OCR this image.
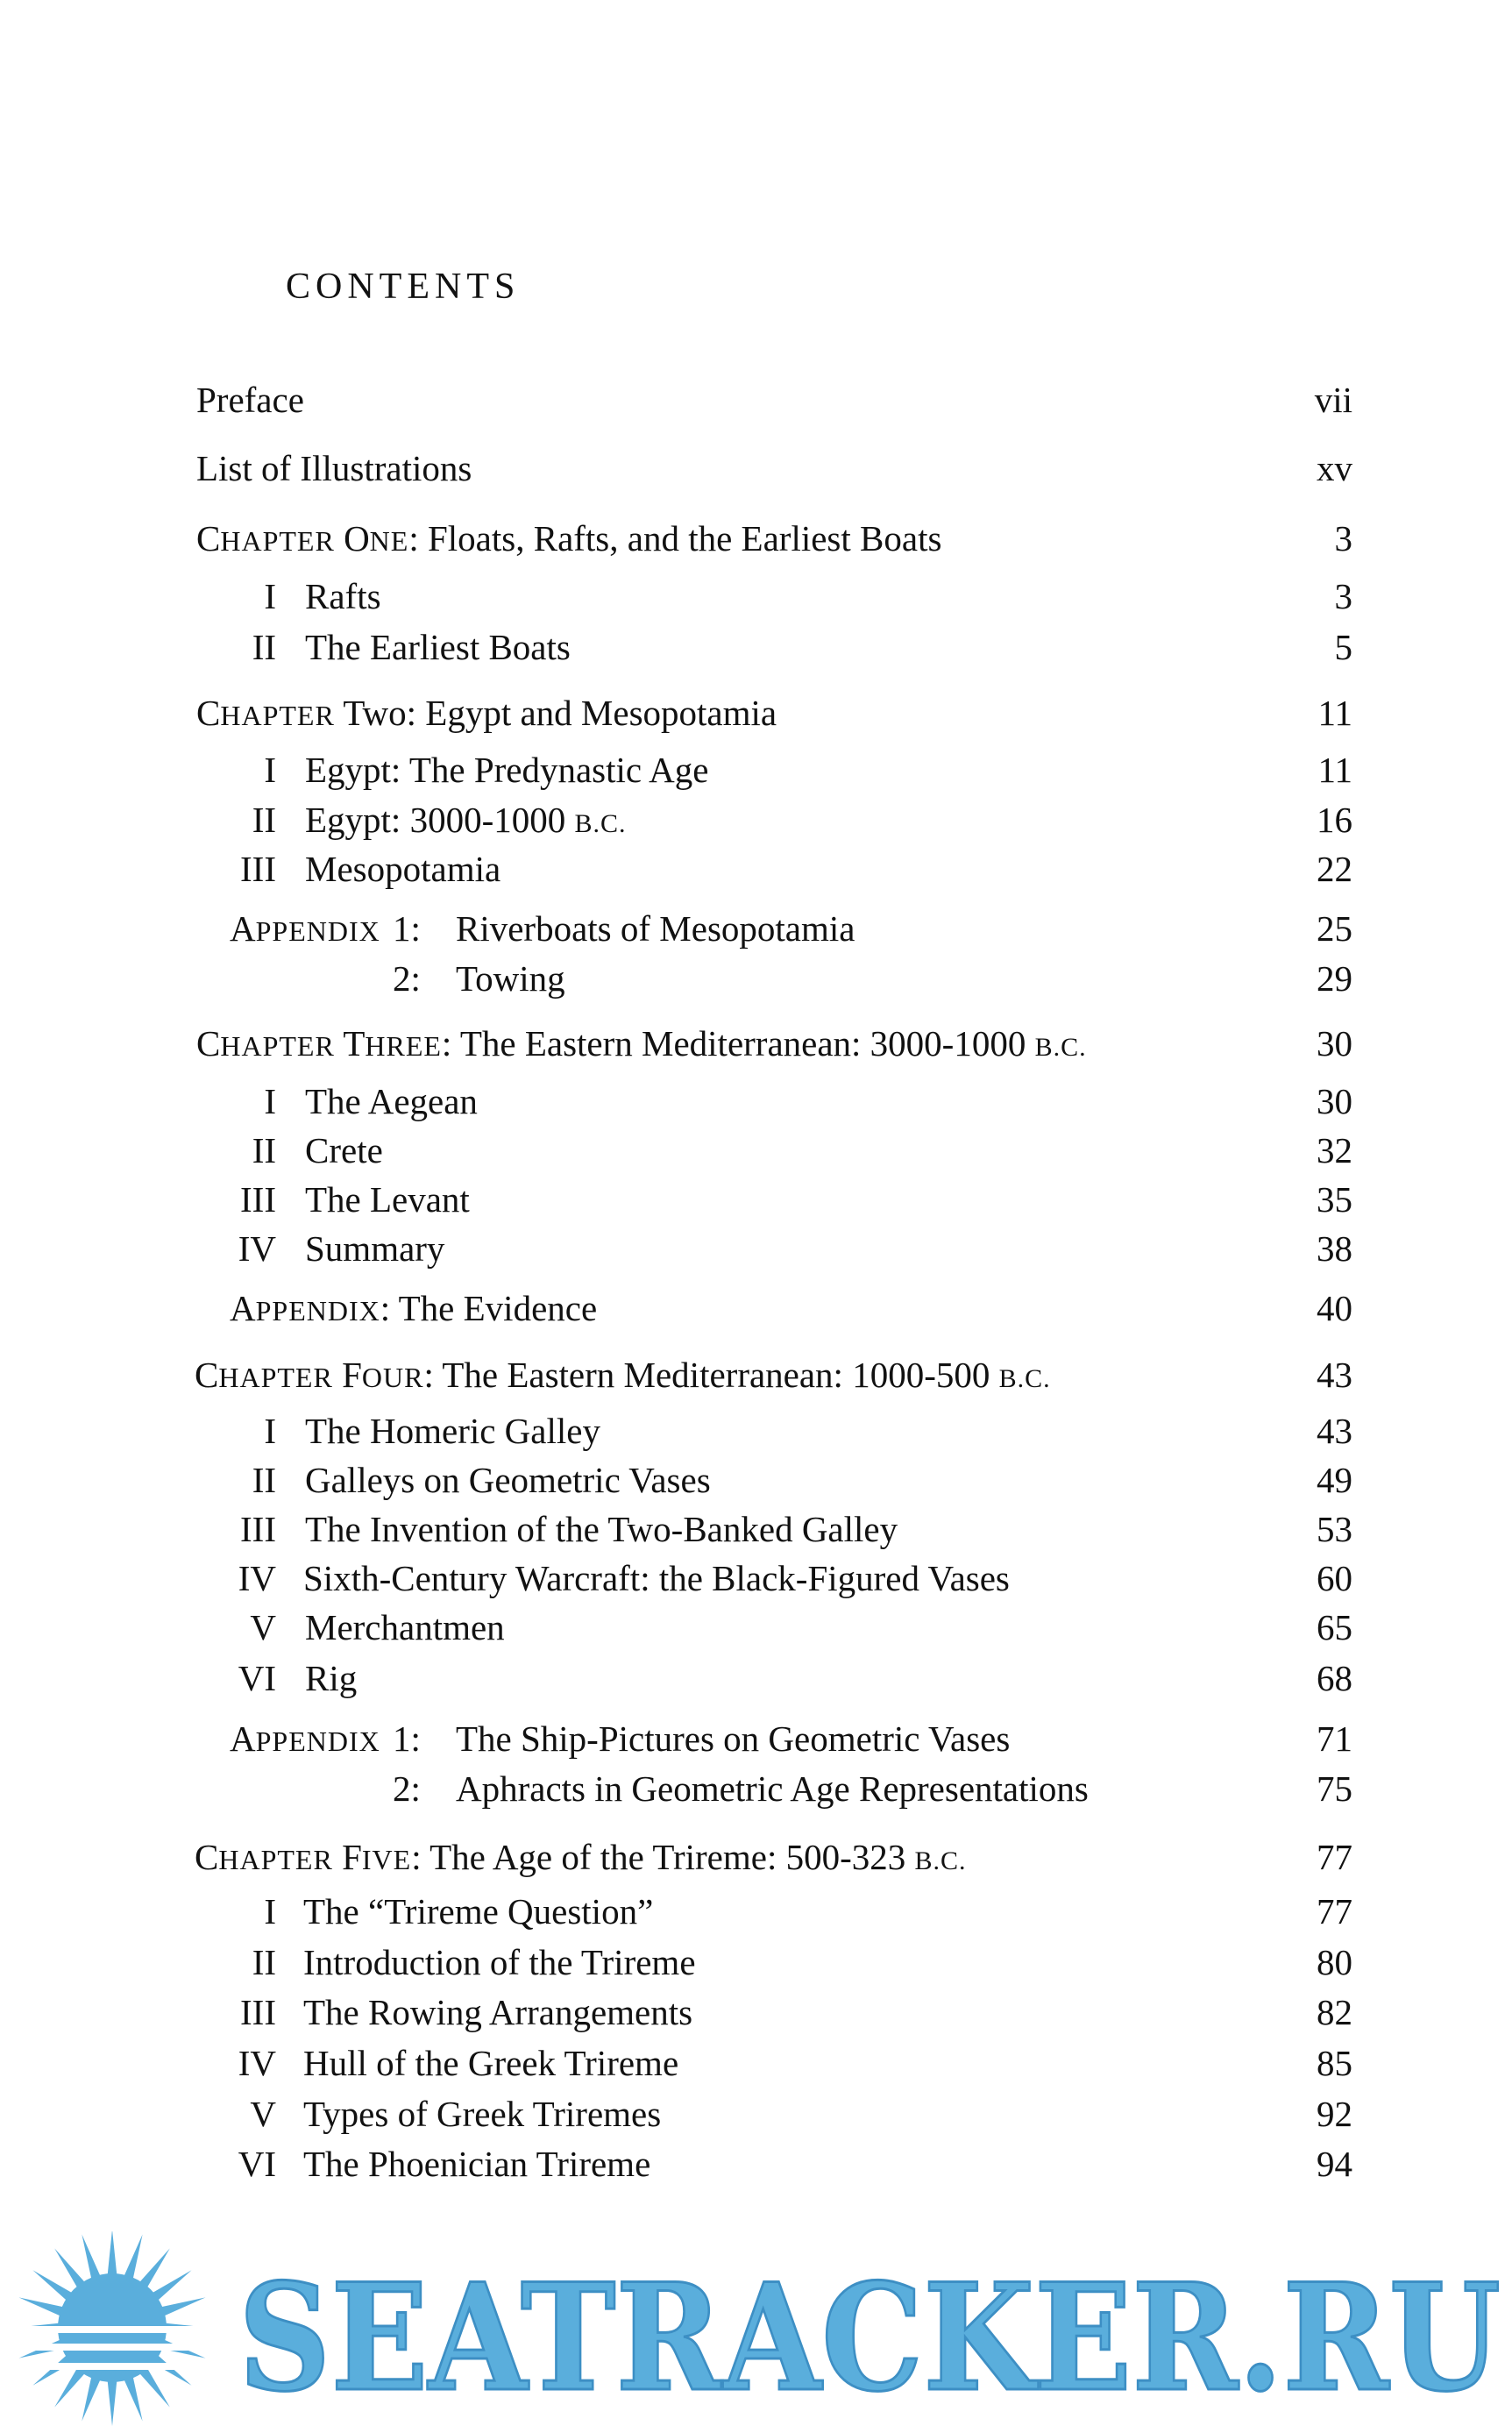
CONTENTS
Preface	vii
List of Illustrations	xv
CHAPTER ONE: Floats, Rafts, and the Earliest Boats	3
I Rafts	3
II The Earliest Boats	5
CHAPTER Two: Egypt and Mesopotamia	11
I Egypt: The Predynastic Age	11
II Egypt: 3000-1000 B.C.	16
III Mesopotamia	22
APPENDIX 1: Riverboats of Mesopotamia	25
2: Towing	29
CHAPTER THREE: The Eastern Mediterranean: 3000-1000 B.C.	30
I The Aegean	30
II Crete	32
III The Levant	35
IV Summary	38
APPENDIX: The Evidence	40
CHAPTER FOUR: The Eastern Mediterranean: 1000-500 B.C.	43
I The Homeric Galley	43
II Galleys on Geometric Vases	49
III The Invention of the Two-Banked Galley	53
IV Sixth-Century Warcraft: the Black-Figured Vases	60
V Merchantmen	65
VI Rig	68
APPENDIX 1: The Ship-Pictures on Geometric Vases	71
2: Aphracts in Geometric Age Representations	75
CHAPTER FIVE: The Age of the Trireme: 500-323 B.C.	77
I The “Trireme Question”	77
II Introduction of the Trireme	80
III The Rowing Arrangements	82
IV Hull of the Greek Trireme	85
V Types of Greek Triremes	92
VI The Phoenician Trireme	94
SEATRACKER.RU
